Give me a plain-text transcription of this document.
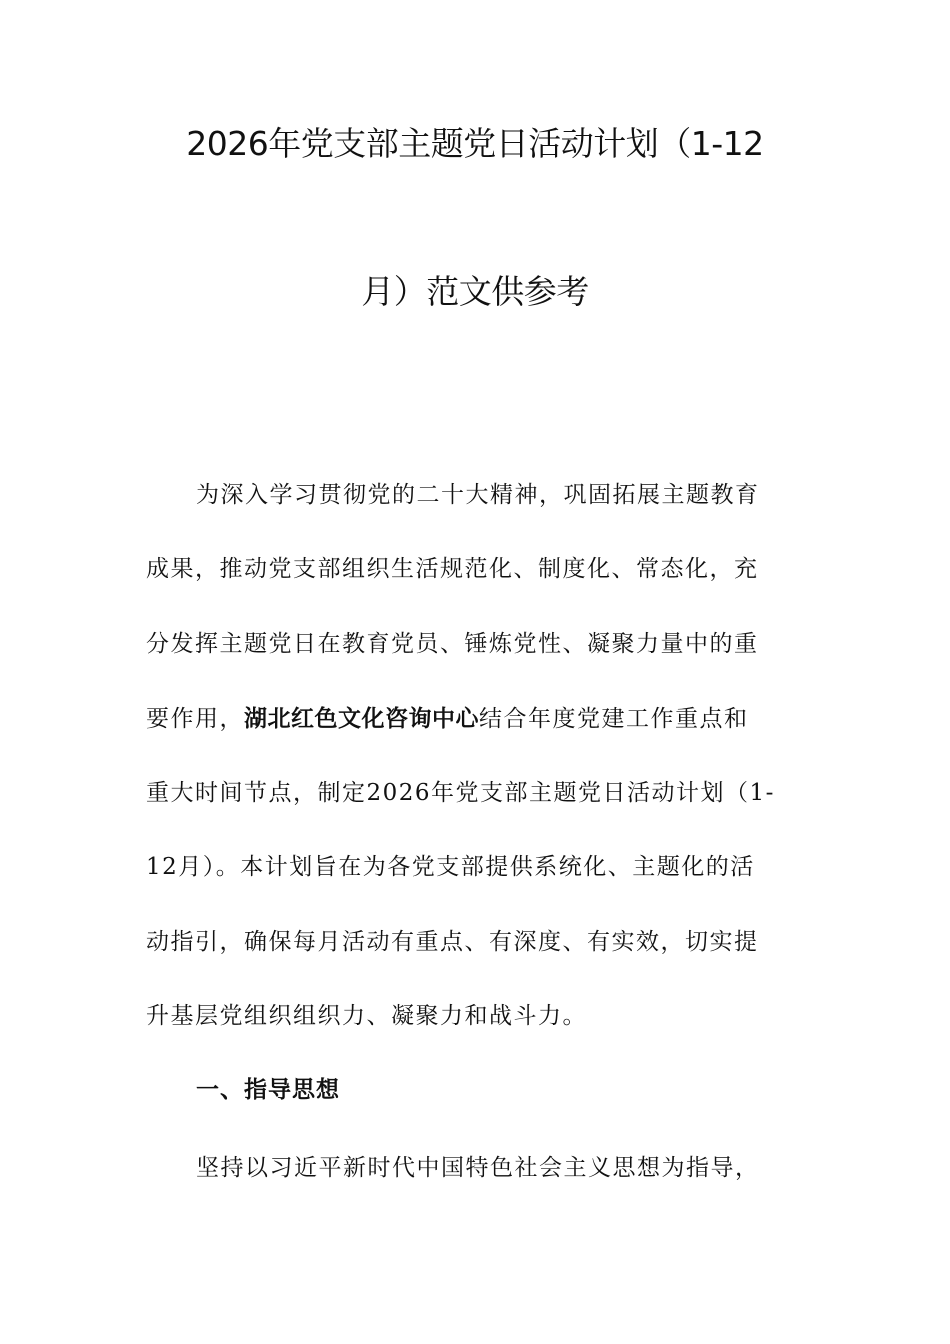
2026年党支部主题党日活动计划（1-12
月）范文供参考
为深入学习贯彻党的二十大精神，巩固拓展主题教育
成果，推动党支部组织生活规范化、制度化、常态化，充
分发挥主题党日在教育党员、锤炼党性、凝聚力量中的重
要作用，湖北红色文化咨询中心结合年度党建工作重点和
重大时间节点，制定2026年党支部主题党日活动计划（1-
12月）。本计划旨在为各党支部提供系统化、主题化的活
动指引，确保每月活动有重点、有深度、有实效，切实提
升基层党组织组织力、凝聚力和战斗力。
一、指导思想
坚持以习近平新时代中国特色社会主义思想为指导，
